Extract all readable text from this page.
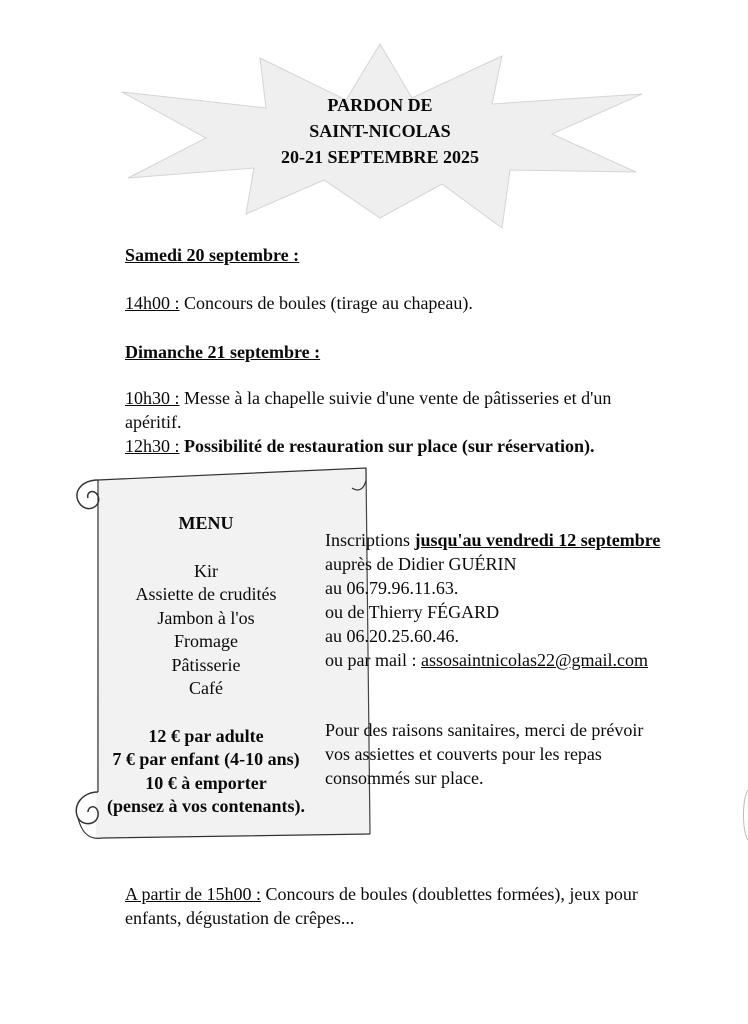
PARDON DE
SAINT-NICOLAS
20-21 SEPTEMBRE 2025
Samedi 20 septembre :
14h00 : Concours de boules (tirage au chapeau).
Dimanche 21 septembre :
10h30 : Messe à la chapelle suivie d'une vente de pâtisseries et d'un
apéritif.
12h30 : Possibilité de restauration sur place (sur réservation).
MENU
Kir
Assiette de crudités
Jambon à l'os
Fromage
Pâtisserie
Café
12 € par adulte
7 € par enfant (4-10 ans)
10 € à emporter
(pensez à vos contenants).
Inscriptions jusqu'au vendredi 12 septembre
auprès de Didier GUÉRIN
au 06.79.96.11.63.
ou de Thierry FÉGARD
au 06.20.25.60.46.
ou par mail : assosaintnicolas22@gmail.com
Pour des raisons sanitaires, merci de prévoir
vos assiettes et couverts pour les repas
consommés sur place.
A partir de 15h00 : Concours de boules (doublettes formées), jeux pour
enfants, dégustation de crêpes...
